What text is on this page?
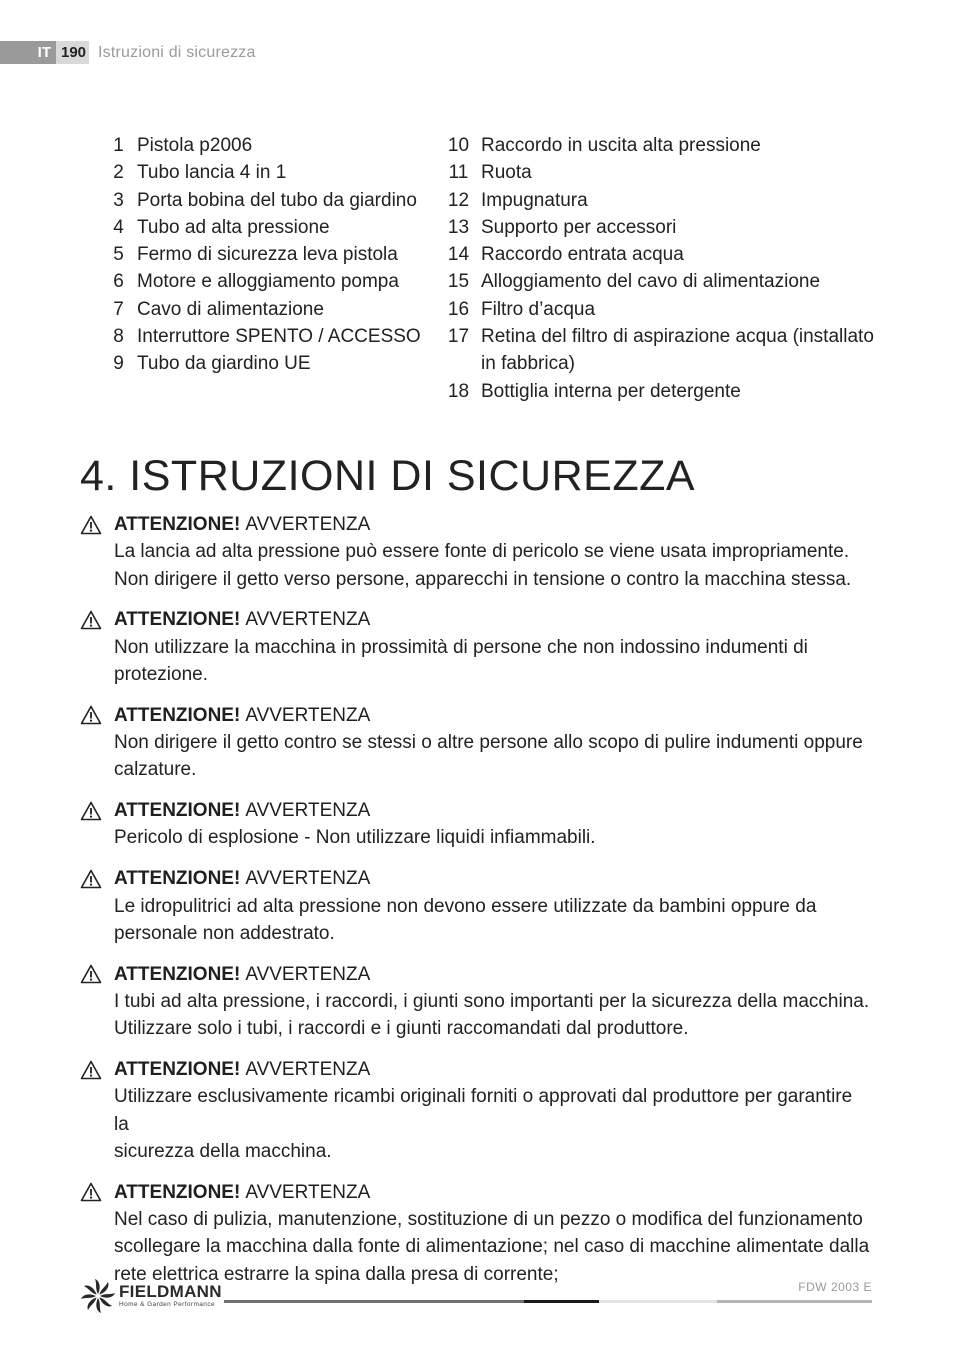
IT 190 Istruzioni di sicurezza
1 Pistola p2006
2 Tubo lancia 4 in 1
3 Porta bobina del tubo da giardino
4 Tubo ad alta pressione
5 Fermo di sicurezza leva pistola
6 Motore e alloggiamento pompa
7 Cavo di alimentazione
8 Interruttore SPENTO / ACCESSO
9 Tubo da giardino UE
10 Raccordo in uscita alta pressione
11 Ruota
12 Impugnatura
13 Supporto per accessori
14 Raccordo entrata acqua
15 Alloggiamento del cavo di alimentazione
16 Filtro d’acqua
17 Retina del filtro di aspirazione acqua (installato in fabbrica)
18 Bottiglia interna per detergente
4. ISTRUZIONI DI SICUREZZA
ATTENZIONE! AVVERTENZA
La lancia ad alta pressione può essere fonte di pericolo se viene usata impropriamente.
Non dirigere il getto verso persone, apparecchi in tensione o contro la macchina stessa.
ATTENZIONE! AVVERTENZA
Non utilizzare la macchina in prossimità di persone che non indossino indumenti di
protezione.
ATTENZIONE! AVVERTENZA
Non dirigere il getto contro se stessi o altre persone allo scopo di pulire indumenti oppure
calzature.
ATTENZIONE! AVVERTENZA
Pericolo di esplosione - Non utilizzare liquidi infiammabili.
ATTENZIONE! AVVERTENZA
Le idropulitrici ad alta pressione non devono essere utilizzate da bambini oppure da
personale non addestrato.
ATTENZIONE! AVVERTENZA
I tubi ad alta pressione, i raccordi, i giunti sono importanti per la sicurezza della macchina.
Utilizzare solo i tubi, i raccordi e i giunti raccomandati dal produttore.
ATTENZIONE! AVVERTENZA
Utilizzare esclusivamente ricambi originali forniti o approvati dal produttore per garantire la
sicurezza della macchina.
ATTENZIONE! AVVERTENZA
Nel caso di pulizia, manutenzione, sostituzione di un pezzo o modifica del funzionamento
scollegare la macchina dalla fonte di alimentazione; nel caso di macchine alimentate dalla
rete elettrica estrarre la spina dalla presa di corrente;
FIELDMANN
Home & Garden Performance
FDW 2003 E
